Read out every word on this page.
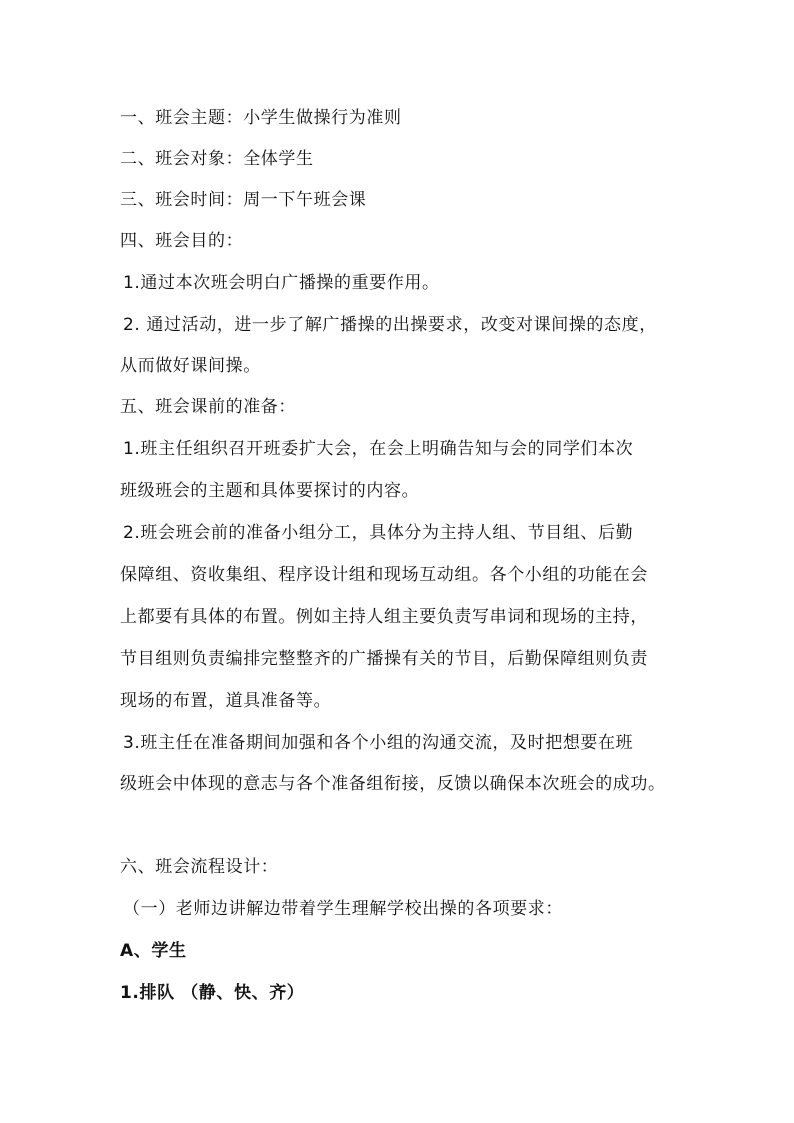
一、班会主题：小学生做操行为准则
二、班会对象：全体学生
三、班会时间：周一下午班会课
四、班会目的：
1.通过本次班会明白广播操的重要作用。
2. 通过活动，进一步了解广播操的出操要求，改变对课间操的态度，
从而做好课间操。
五、班会课前的准备：
1.班主任组织召开班委扩大会，在会上明确告知与会的同学们本次
班级班会的主题和具体要探讨的内容。
2.班会班会前的准备小组分工，具体分为主持人组、节目组、后勤
保障组、资收集组、程序设计组和现场互动组。各个小组的功能在会
上都要有具体的布置。例如主持人组主要负责写串词和现场的主持，
节目组则负责编排完整整齐的广播操有关的节目，后勤保障组则负责
现场的布置，道具准备等。
3.班主任在准备期间加强和各个小组的沟通交流，及时把想要在班
级班会中体现的意志与各个准备组衔接，反馈以确保本次班会的成功。
六、班会流程设计：
（一）老师边讲解边带着学生理解学校出操的各项要求：
A、学生
1.排队 （静、快、齐）
